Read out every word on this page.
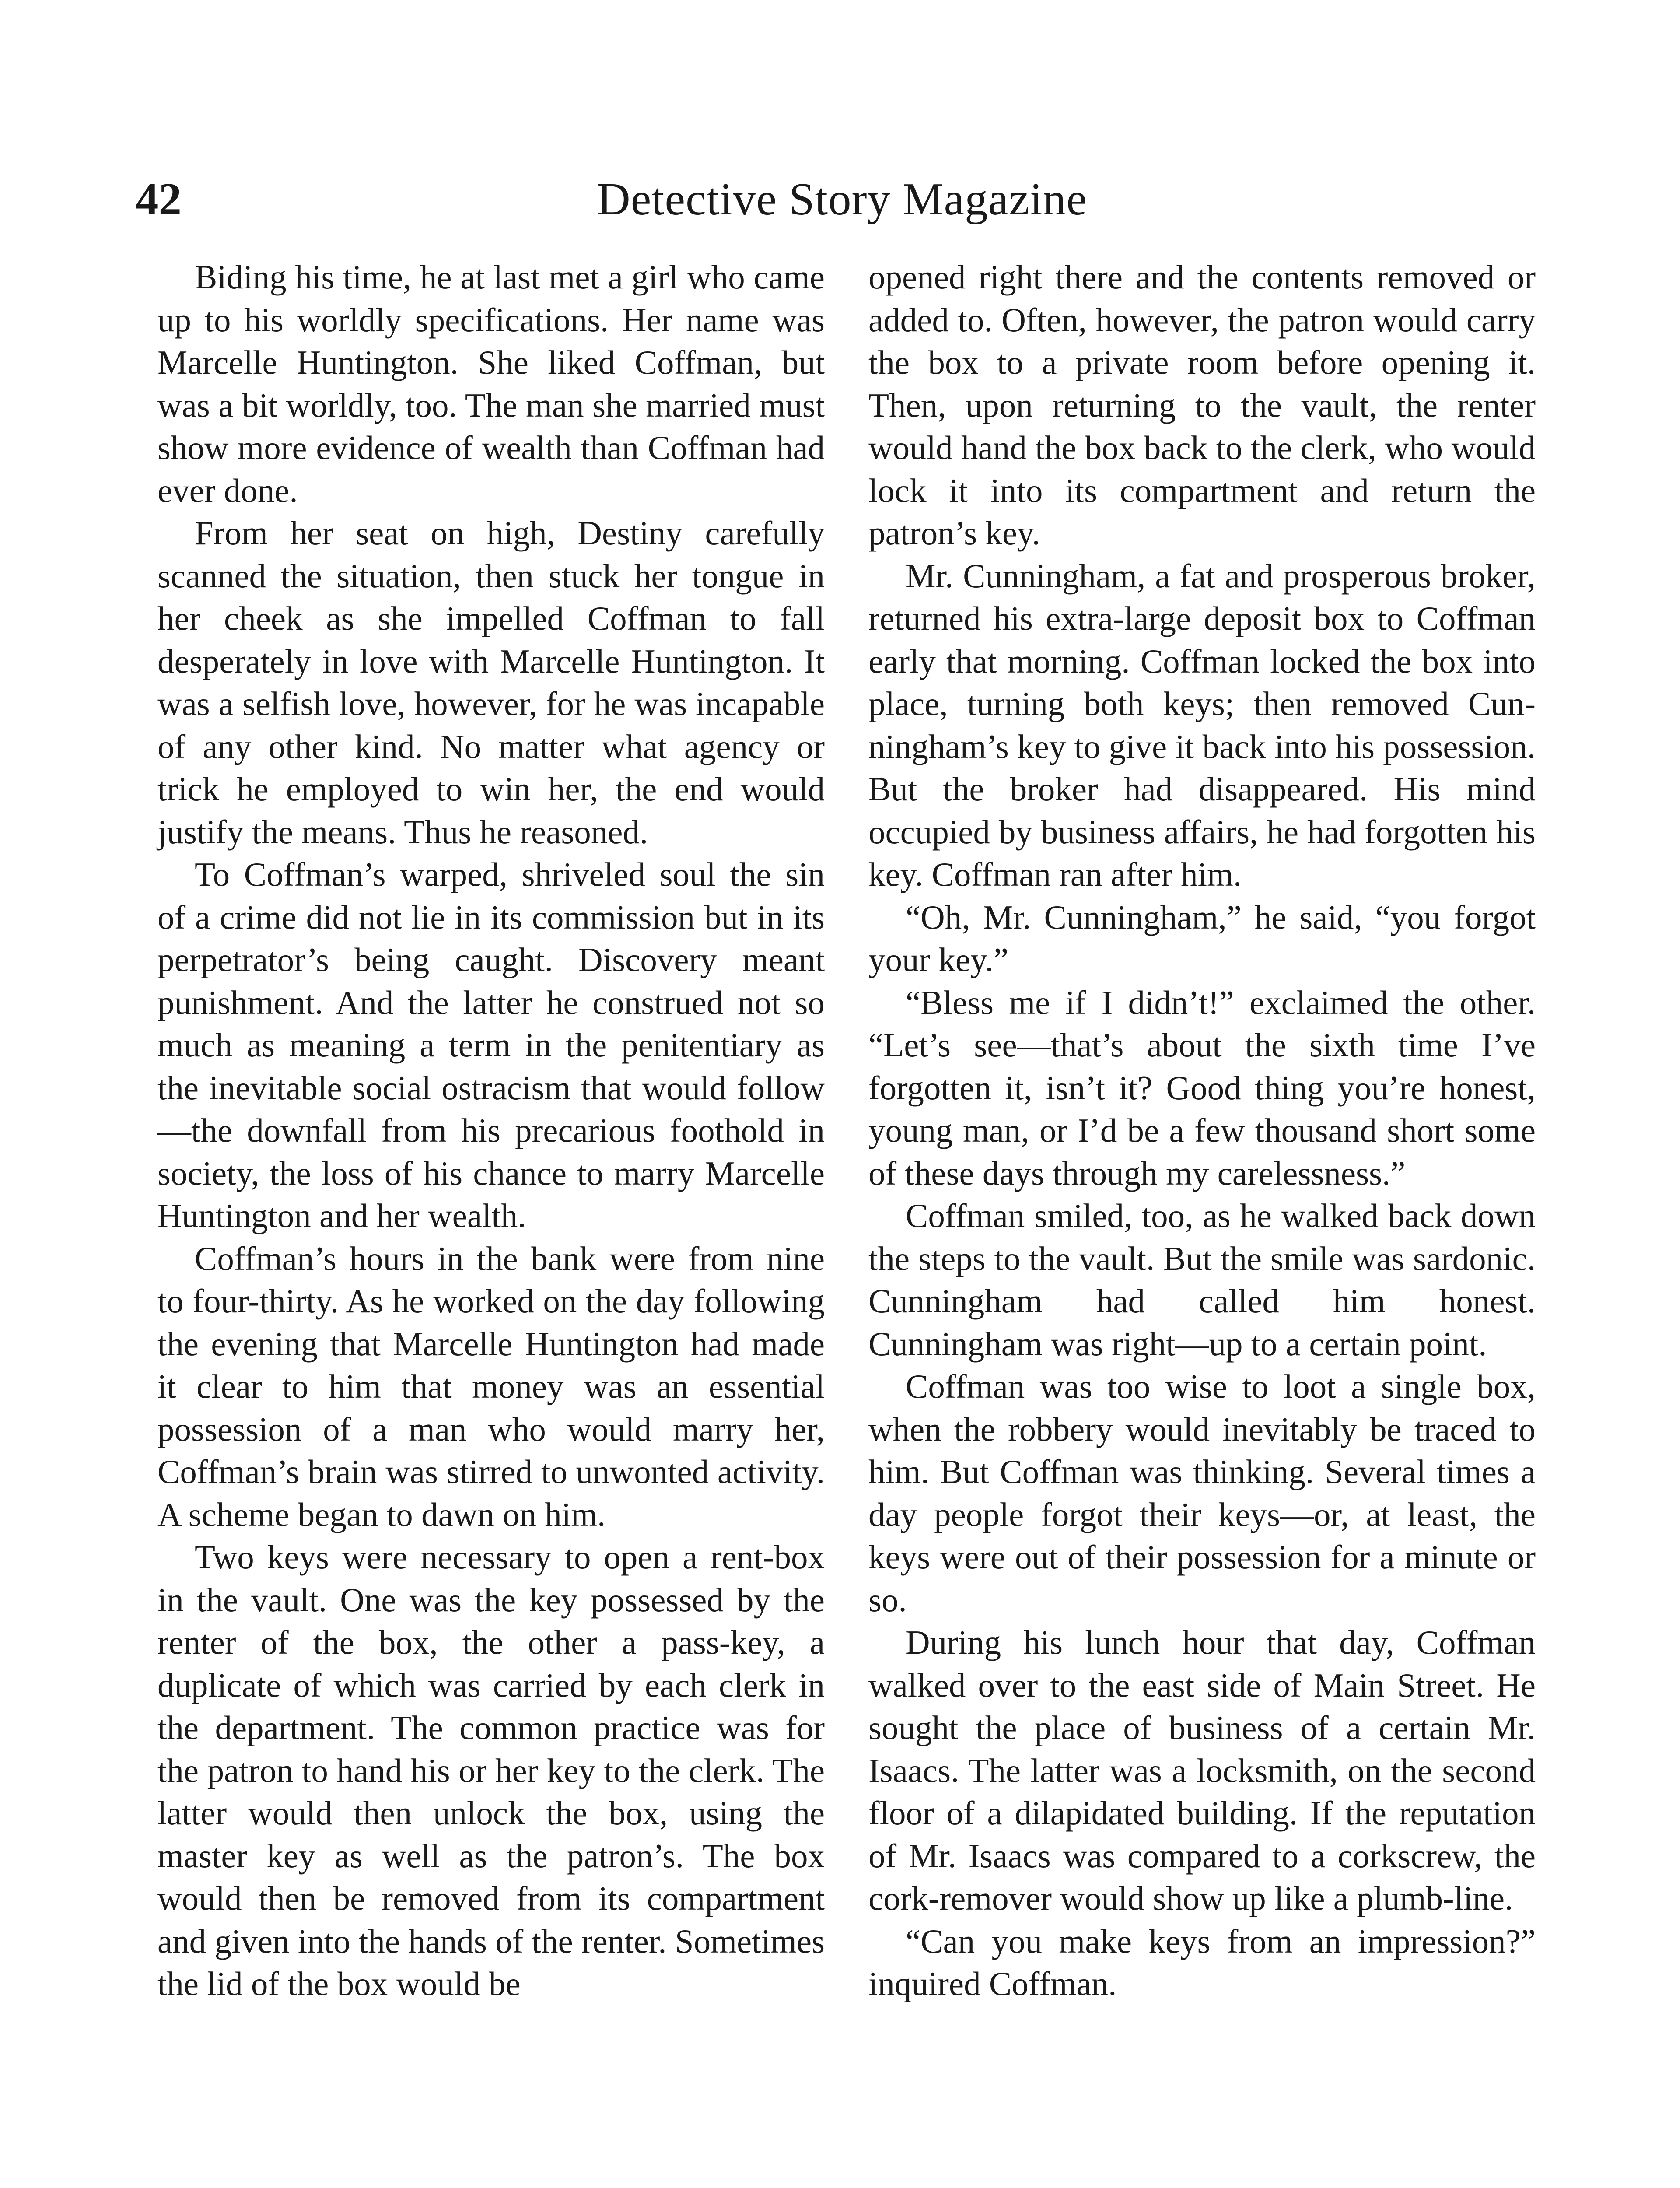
42	Detective Story Magazine

Biding his time, he at last met a girl who came up to his worldly specifications. Her name was Marcelle Huntington. She liked Coffman, but was a bit worldly, too. The man she married must show more evidence of wealth than Coffman had ever done.

From her seat on high, Destiny carefully scanned the situation, then stuck her tongue in her cheek as she impelled Coffman to fall desperately in love with Marcelle Huntington. It was a selfish love, however, for he was incapable of any other kind. No matter what agency or trick he employed to win her, the end would justify the means. Thus he reasoned.

To Coffman’s warped, shriveled soul the sin of a crime did not lie in its commission but in its perpetrator’s being caught. Discovery meant punishment. And the latter he construed not so much as meaning a term in the penitentiary as the inevitable social ostracism that would follow—the downfall from his precarious foothold in society, the loss of his chance to marry Marcelle Huntington and her wealth.

Coffman’s hours in the bank were from nine to four-thirty. As he worked on the day following the evening that Marcelle Huntington had made it clear to him that money was an essential possession of a man who would marry her, Coffman’s brain was stirred to unwonted activity. A scheme began to dawn on him.

Two keys were necessary to open a rent-box in the vault. One was the key possessed by the renter of the box, the other a pass-key, a duplicate of which was carried by each clerk in the department. The common practice was for the patron to hand his or her key to the clerk. The latter would then unlock the box, using the master key as well as the patron’s. The box would then be removed from its compartment and given into the hands of the renter. Sometimes the lid of the box would be

opened right there and the contents removed or added to. Often, however, the patron would carry the box to a private room before opening it. Then, upon returning to the vault, the renter would hand the box back to the clerk, who would lock it into its compartment and return the patron’s key.

Mr. Cunningham, a fat and prosperous broker, returned his extra-large deposit box to Coffman early that morning. Coffman locked the box into place, turning both keys; then removed Cunningham’s key to give it back into his possession. But the broker had disappeared. His mind occupied by business affairs, he had forgotten his key. Coffman ran after him.

“Oh, Mr. Cunningham,” he said, “you forgot your key.”

“Bless me if I didn’t!” exclaimed the other. “Let’s see—that’s about the sixth time I’ve forgotten it, isn’t it? Good thing you’re honest, young man, or I’d be a few thousand short some of these days through my carelessness.”

Coffman smiled, too, as he walked back down the steps to the vault. But the smile was sardonic. Cunningham had called him honest. Cunningham was right—up to a certain point.

Coffman was too wise to loot a single box, when the robbery would inevitably be traced to him. But Coffman was thinking. Several times a day people forgot their keys—or, at least, the keys were out of their possession for a minute or so.

During his lunch hour that day, Coffman walked over to the east side of Main Street. He sought the place of business of a certain Mr. Isaacs. The latter was a locksmith, on the second floor of a dilapidated building. If the reputation of Mr. Isaacs was compared to a corkscrew, the cork-remover would show up like a plumb-line.

“Can you make keys from an impression?” inquired Coffman.
